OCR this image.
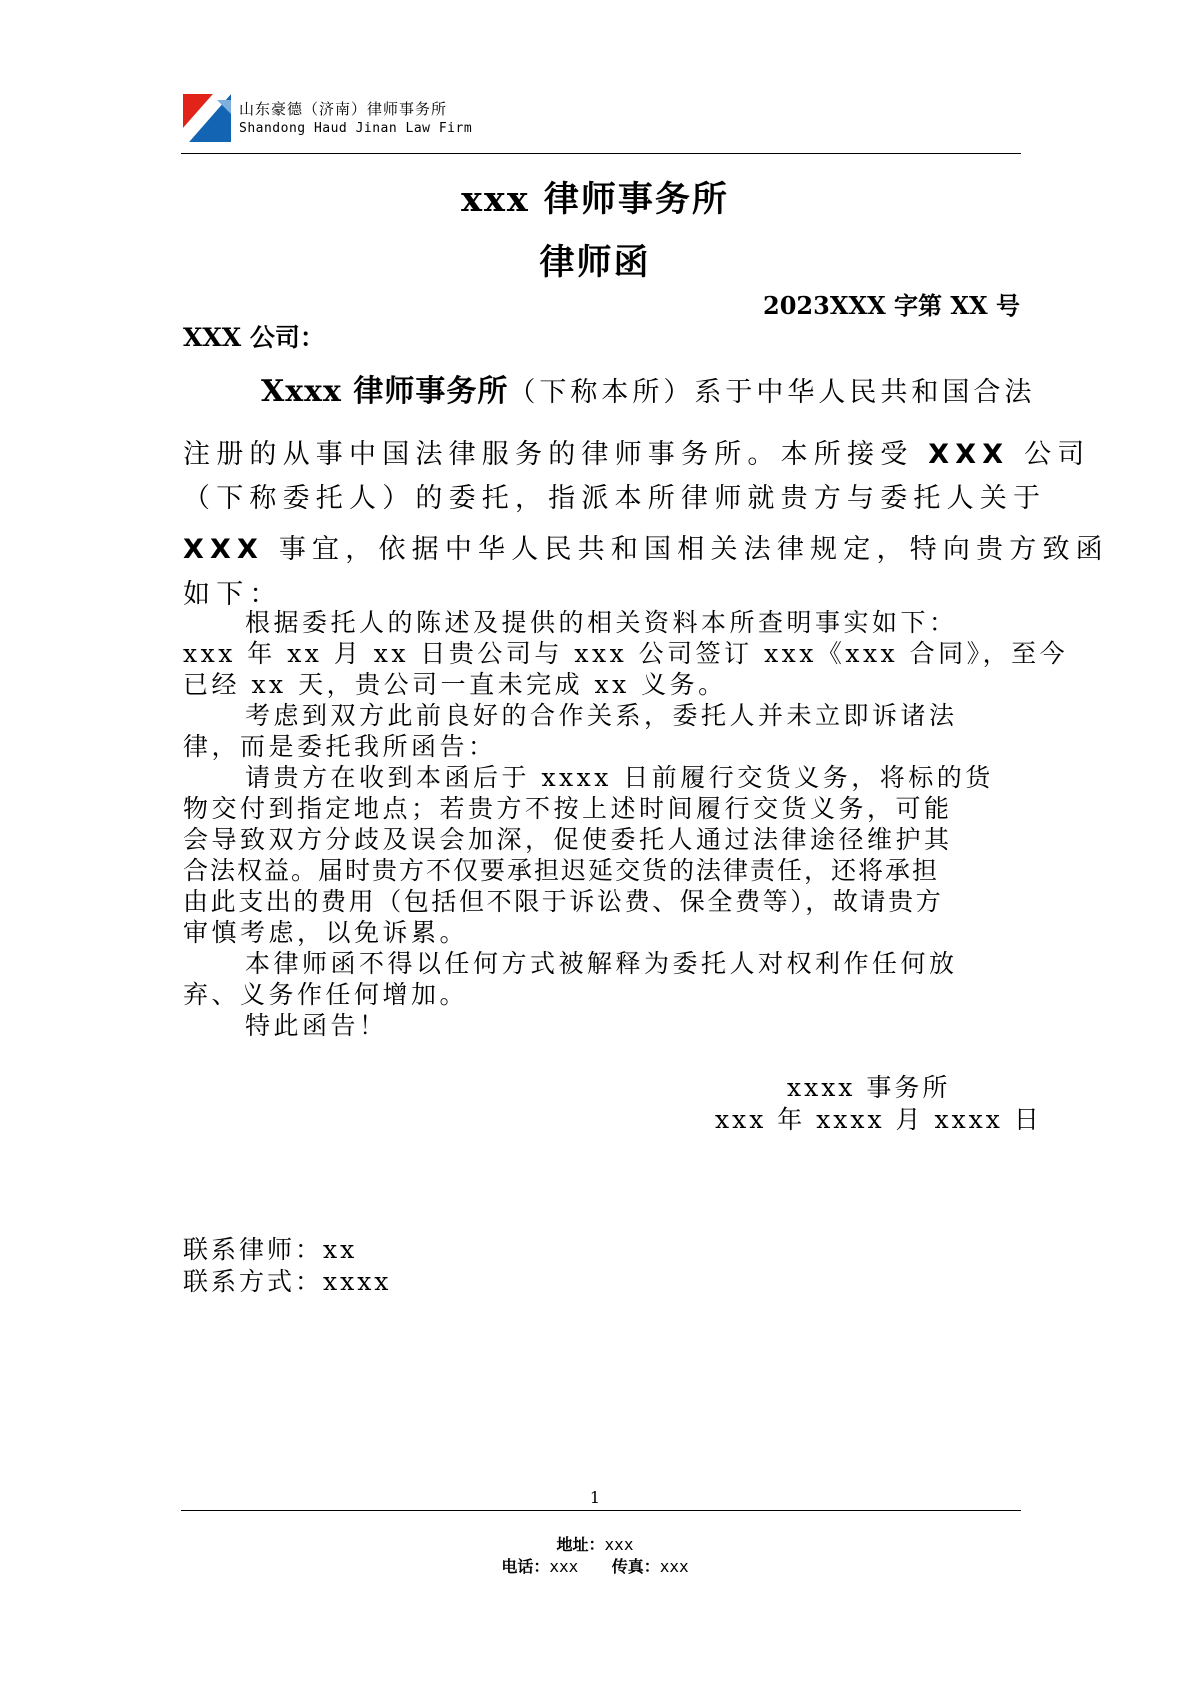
山东豪德（济南）律师事务所
Shandong Haud Jinan Law Firm
xxx 律师事务所
律师函
2023XXX 字第 XX 号
XXX 公司：
Xxxx 律师事务所（下称本所）系于中华人民共和国合法
注册的从事中国法律服务的律师事务所。本所接受 XXX 公司
（下称委托人）的委托，指派本所律师就贵方与委托人关于
XXX 事宜，依据中华人民共和国相关法律规定，特向贵方致函
如下：
根据委托人的陈述及提供的相关资料本所查明事实如下：
xxx 年 xx 月 xx 日贵公司与 xxx 公司签订 xxx《xxx 合同》，至今
已经 xx 天，贵公司一直未完成 xx 义务。
考虑到双方此前良好的合作关系，委托人并未立即诉诸法
律，而是委托我所函告：
请贵方在收到本函后于 xxxx 日前履行交货义务，将标的货
物交付到指定地点；若贵方不按上述时间履行交货义务，可能
会导致双方分歧及误会加深，促使委托人通过法律途径维护其
合法权益。届时贵方不仅要承担迟延交货的法律责任，还将承担
由此支出的费用（包括但不限于诉讼费、保全费等），故请贵方
审慎考虑，以免诉累。
本律师函不得以任何方式被解释为委托人对权利作任何放
弃、义务作任何增加。
特此函告！
xxxx 事务所
xxx 年 xxxx 月 xxxx 日
联系律师：xx
联系方式：xxxx
1
地址：xxx
电话：xxx 传真：xxx
